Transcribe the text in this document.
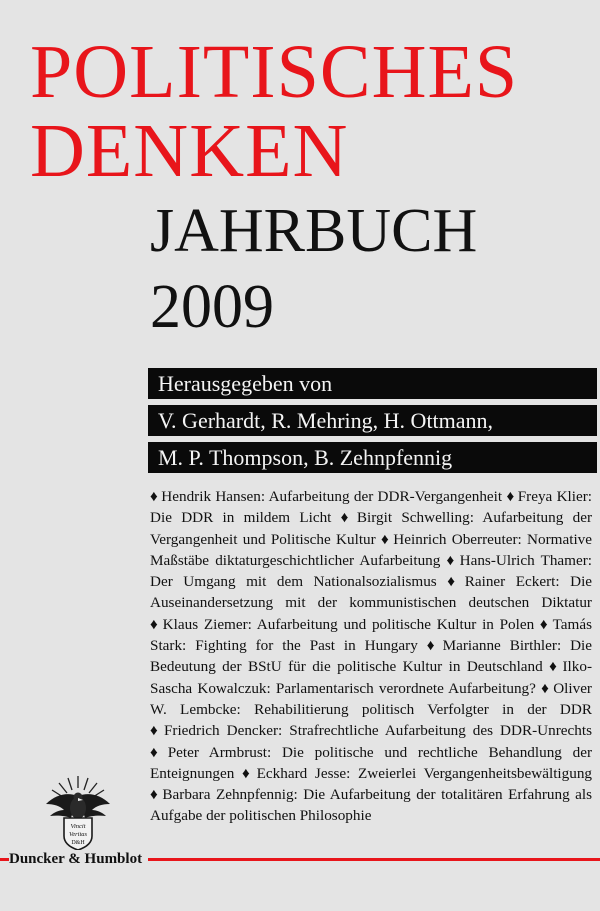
POLITISCHES
DENKEN
JAHRBUCH
2009
Herausgegeben von
V. Gerhardt, R. Mehring, H. Ottmann,
M. P. Thompson, B. Zehnpfennig
♦ Hendrik Hansen: Aufarbeitung der DDR-Vergangenheit ♦ Freya Klier: Die DDR in mildem Licht ♦ Birgit Schwelling: Aufarbeitung der Vergangenheit und Politische Kultur ♦ Heinrich Oberreuter: Normative Maßstäbe diktaturgeschichtlicher Aufarbeitung ♦ Hans-Ulrich Thamer: Der Umgang mit dem Nationalsozialismus ♦ Rainer Eckert: Die Auseinandersetzung mit der kommunistischen deutschen Diktatur ♦ Klaus Ziemer: Aufarbeitung und politische Kultur in Polen ♦ Tamás Stark: Fighting for the Past in Hungary ♦ Marianne Birthler: Die Bedeutung der BStU für die politische Kultur in Deutschland ♦ Ilko-Sascha Kowalczuk: Parlamentarisch verordnete Aufarbeitung? ♦ Oliver W. Lembcke: Rehabilitierung politisch Verfolgter in der DDR ♦ Friedrich Dencker: Strafrechtliche Aufarbeitung des DDR-Unrechts ♦ Peter Armbrust: Die politische und rechtliche Behandlung der Enteignungen ♦ Eckhard Jesse: Zweierlei Vergangenheitsbewältigung ♦ Barbara Zehnpfennig: Die Aufarbeitung der totalitären Erfahrung als Aufgabe der politischen Philosophie
Vincit
Veritas
D&H
Duncker & Humblot
